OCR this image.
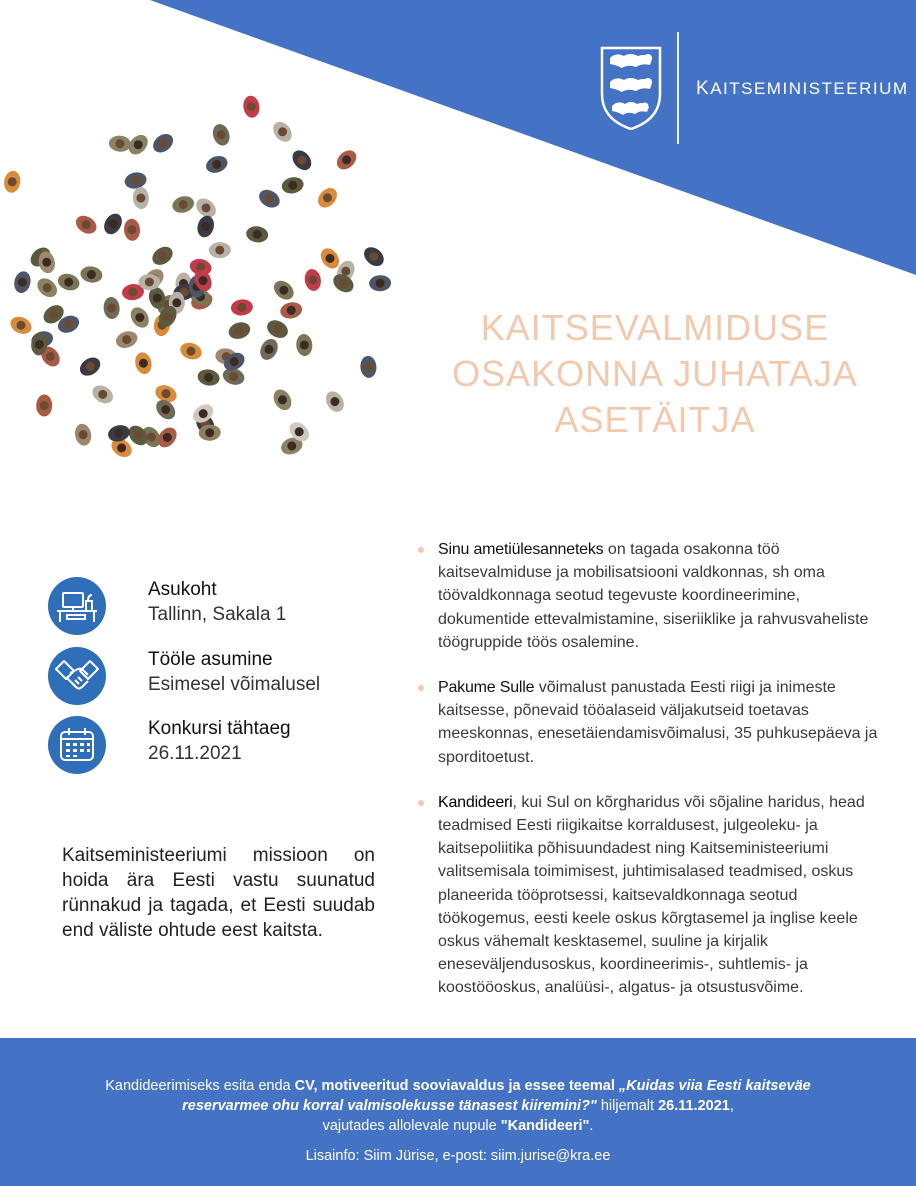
KAITSEMINISTEERIUM
KAITSEVALMIDUSE
OSAKONNA JUHATAJA
ASETÄITJA
Asukoht
Tallinn, Sakala 1
Tööle asumine
Esimesel võimalusel
Konkursi tähtaeg
26.11.2021
Kaitseministeeriumi missioon on hoida ära Eesti vastu suunatud rünnakud ja tagada, et Eesti suudab end väliste ohtude eest kaitsta.
Sinu ametiülesanneteks on tagada osakonna töö kaitsevalmiduse ja mobilisatsiooni valdkonnas, sh oma töövaldkonnaga seotud tegevuste koordineerimine, dokumentide ettevalmistamine, siseriiklike ja rahvusvaheliste töögruppide töös osalemine.
Pakume Sulle võimalust panustada Eesti riigi ja inimeste kaitsesse, põnevaid tööalaseid väljakutseid toetavas meeskonnas, enesetäiendamisvõimalusi, 35 puhkusepäeva ja sporditoetust.
Kandideeri, kui Sul on kõrgharidus või sõjaline haridus, head teadmised Eesti riigikaitse korraldusest, julgeoleku- ja kaitsepoliitika põhisuundadest ning Kaitseministeeriumi valitsemisala toimimisest, juhtimisalased teadmised, oskus planeerida tööprotsessi, kaitsevaldkonnaga seotud töökogemus, eesti keele oskus kõrgtasemel ja inglise keele oskus vähemalt kesktasemel, suuline ja kirjalik eneseväljendusoskus, koordineerimis-, suhtlemis- ja koostööoskus, analüüsi-, algatus- ja otsustusvõime.
Kandideerimiseks esita enda CV, motiveeritud sooviavaldus ja essee teemal „Kuidas viia Eesti kaitseväe
reservarmee ohu korral valmisolekusse tänasest kiiremini?" hiljemalt 26.11.2021,
vajutades allolevale nupule "Kandideeri".
Lisainfo: Siim Jürise, e-post: siim.jurise@kra.ee
